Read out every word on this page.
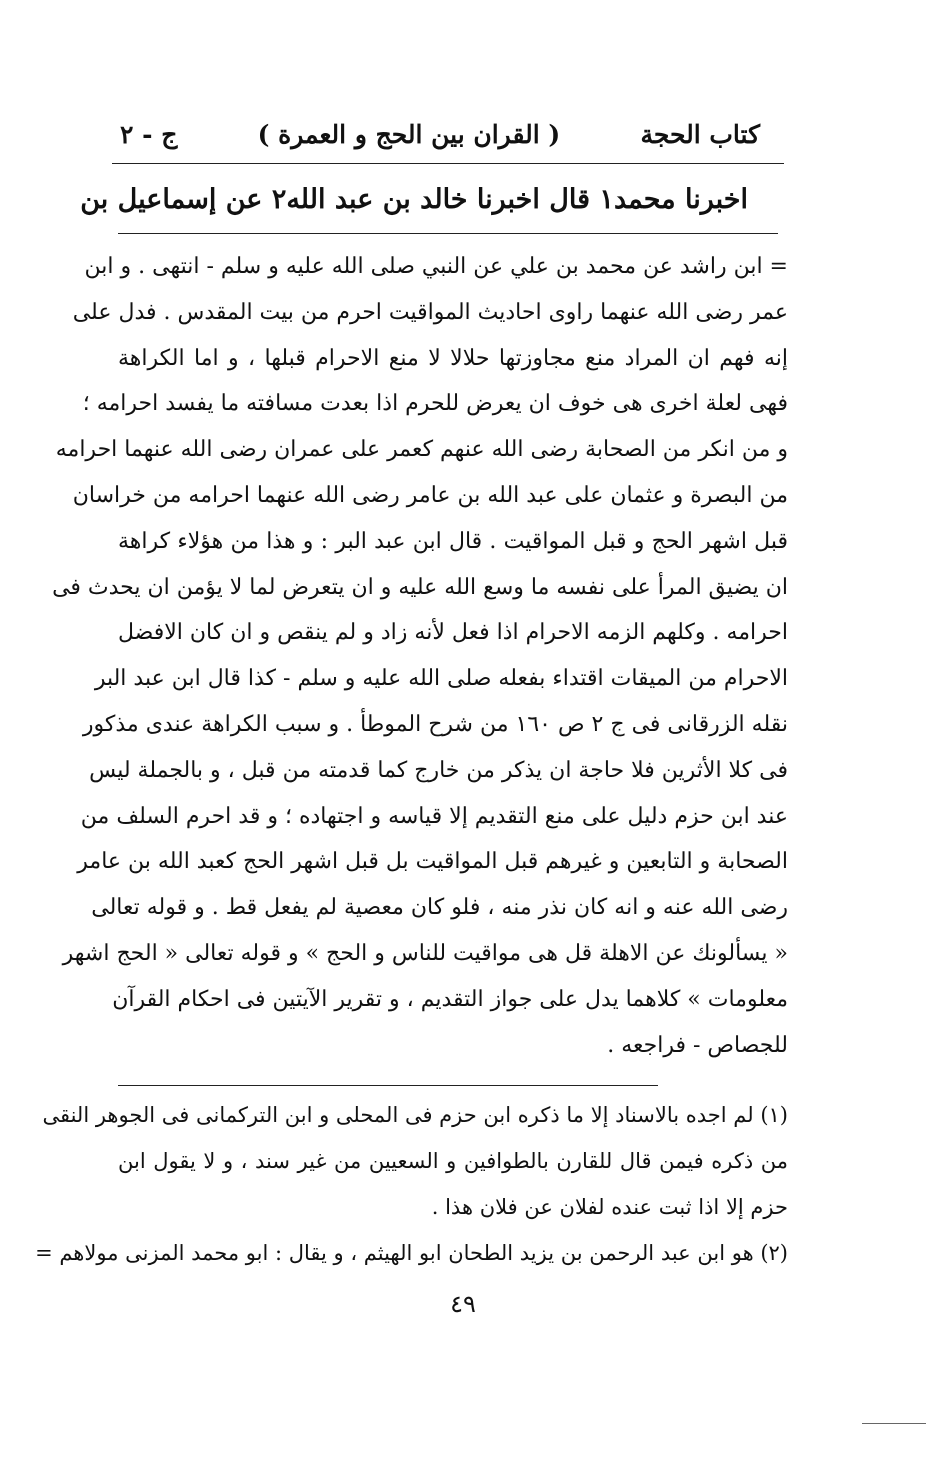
كتاب الحجة
( القران بين الحج و العمرة )
ج - ٢
اخبرنا محمد١ قال اخبرنا خالد بن عبد الله٢ عن إسماعيل بن
= ابن راشد عن محمد بن علي عن النبي صلى الله عليه و سلم - انتهى . و ابن
عمر رضى الله عنهما راوى احاديث المواقيت احرم من بيت المقدس . فدل على
إنه فهم ان المراد منع مجاوزتها حلالا لا منع الاحرام قبلها ، و اما الكراهة
فهى لعلة اخرى هى خوف ان يعرض للحرم اذا بعدت مسافته ما يفسد احرامه ؛
و من انكر من الصحابة رضى الله عنهم كعمر على عمران رضى الله عنهما احرامه
من البصرة و عثمان على عبد الله بن عامر رضى الله عنهما احرامه من خراسان
قبل اشهر الحج و قبل المواقيت . قال ابن عبد البر : و هذا من هؤلاء كراهة
ان يضيق المرأ على نفسه ما وسع الله عليه و ان يتعرض لما لا يؤمن ان يحدث فى
احرامه . وكلهم الزمه الاحرام اذا فعل لأنه زاد و لم ينقص و ان كان الافضل
الاحرام من الميقات اقتداء بفعله صلى الله عليه و سلم - كذا قال ابن عبد البر
نقله الزرقانى فى ج ٢ ص ١٦٠ من شرح الموطأ . و سبب الكراهة عندى مذكور
فى كلا الأثرين فلا حاجة ان يذكر من خارج كما قدمته من قبل ، و بالجملة ليس
عند ابن حزم دليل على منع التقديم إلا قياسه و اجتهاده ؛ و قد احرم السلف من
الصحابة و التابعين و غيرهم قبل المواقيت بل قبل اشهر الحج كعبد الله بن عامر
رضى الله عنه و انه كان نذر منه ، فلو كان معصية لم يفعل قط . و قوله تعالى
« يسألونك عن الاهلة قل هى مواقيت للناس و الحج » و قوله تعالى « الحج اشهر
معلومات » كلاهما يدل على جواز التقديم ، و تقرير الآيتين فى احكام القرآن
للجصاص - فراجعه .
(١) لم اجده بالاسناد إلا ما ذكره ابن حزم فى المحلى و ابن التركمانى فى الجوهر النقى
من ذكره فيمن قال للقارن بالطوافين و السعيين من غير سند ، و لا يقول ابن
حزم إلا اذا ثبت عنده لفلان عن فلان هذا .
(٢) هو ابن عبد الرحمن بن يزيد الطحان ابو الهيثم ، و يقال : ابو محمد المزنى مولاهم =
٤٩
